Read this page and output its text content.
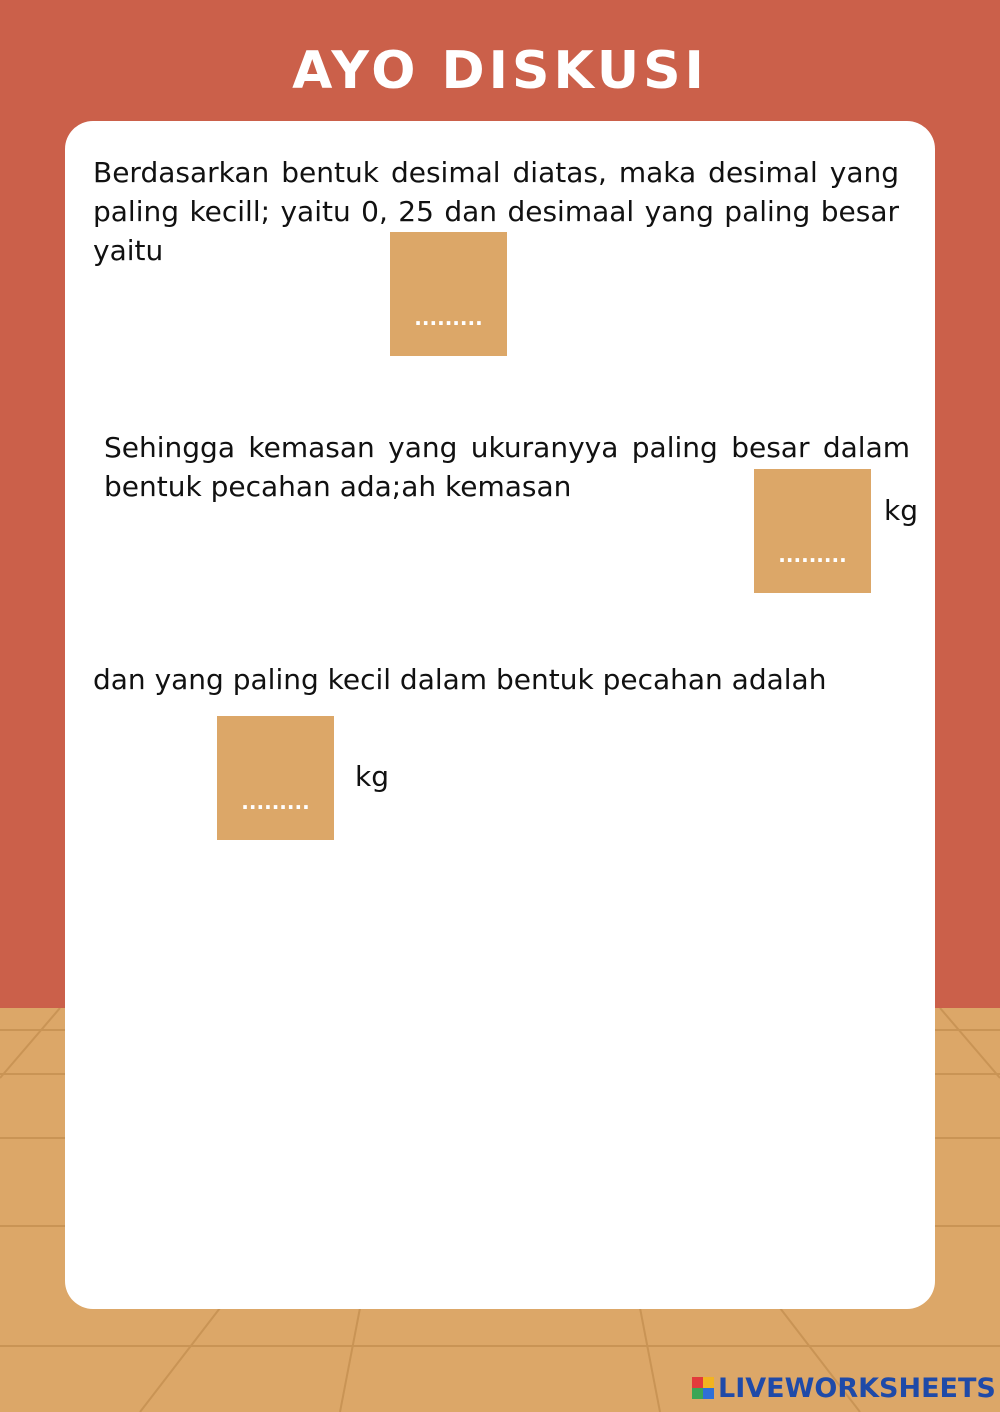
AYO DISKUSI
Berdasarkan bentuk desimal diatas, maka desimal yang paling kecill; yaitu 0, 25 dan desimaal yang paling besar yaitu
.........
Sehingga kemasan yang ukuranyya paling besar dalam bentuk pecahan ada;ah kemasan
.........
kg
dan yang paling kecil dalam bentuk pecahan adalah
.........
kg
LIVEWORKSHEETS
